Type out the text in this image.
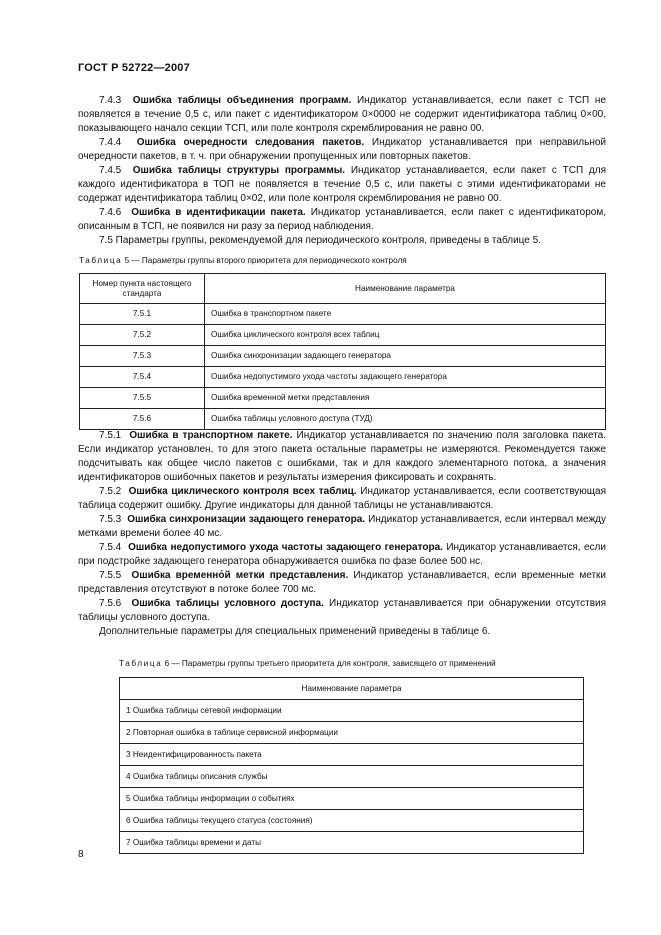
ГОСТ Р 52722—2007

7.4.3 Ошибка таблицы объединения программ. Индикатор устанавливается, если пакет с ТСП не появляется в течение 0,5 с, или пакет с идентификатором 0×0000 не содержит идентификатора таблиц 0×00, показывающего начало секции ТСП, или поле контроля скремблирования не равно 00.

7.4.4 Ошибка очередности следования пакетов. Индикатор устанавливается при неправильной очередности пакетов, в т. ч. при обнаружении пропущенных или повторных пакетов.

7.4.5 Ошибка таблицы структуры программы. Индикатор устанавливается, если пакет с ТСП для каждого идентификатора в ТОП не появляется в течение 0,5 с, или пакеты с этими идентификаторами не содержат идентификатора таблиц 0×02, или поле контроля скремблирования не равно 00.

7.4.6 Ошибка в идентификации пакета. Индикатор устанавливается, если пакет с идентификатором, описанным в ТСП, не появился ни разу за период наблюдения.

7.5 Параметры группы, рекомендуемой для периодического контроля, приведены в таблице 5.

Таблица 5 — Параметры группы второго приоритета для периодического контроля
Номер пункта настоящего стандарта	Наименование параметра
7.5.1	Ошибка в транспортном пакете
7.5.2	Ошибка циклического контроля всех таблиц
7.5.3	Ошибка синхронизации задающего генератора
7.5.4	Ошибка недопустимого ухода частоты задающего генератора
7.5.5	Ошибка временной метки представления
7.5.6	Ошибка таблицы условного доступа (ТУД)

7.5.1 Ошибка в транспортном пакете. Индикатор устанавливается по значению поля заголовка пакета. Если индикатор установлен, то для этого пакета остальные параметры не измеряются. Рекомендуется также подсчитывать как общее число пакетов с ошибками, так и для каждого элементарного потока, а значения идентификаторов ошибочных пакетов и результаты измерения фиксировать и сохранять.

7.5.2 Ошибка циклического контроля всех таблиц. Индикатор устанавливается, если соответствующая таблица содержит ошибку. Другие индикаторы для данной таблицы не устанавливаются.

7.5.3 Ошибка синхронизации задающего генератора. Индикатор устанавливается, если интервал между метками времени более 40 мс.

7.5.4 Ошибка недопустимого ухода частоты задающего генератора. Индикатор устанавливается, если при подстройке задающего генератора обнаруживается ошибка по фазе более 500 нс.

7.5.5 Ошибка временно́й метки представления. Индикатор устанавливается, если временные метки представления отсутствуют в потоке более 700 мс.

7.5.6 Ошибка таблицы условного доступа. Индикатор устанавливается при обнаружении отсутствия таблицы условного доступа.

Дополнительные параметры для специальных применений приведены в таблице 6.

Таблица 6 — Параметры группы третьего приоритета для контроля, зависящего от применений
Наименование параметра
1 Ошибка таблицы сетевой информации
2 Повторная ошибка в таблице сервисной информации
3 Неидентифицированность пакета
4 Ошибка таблицы описания службы
5 Ошибка таблицы информации о событиях
6 Ошибка таблицы текущего статуса (состояния)
7 Ошибка таблицы времени и даты
8
